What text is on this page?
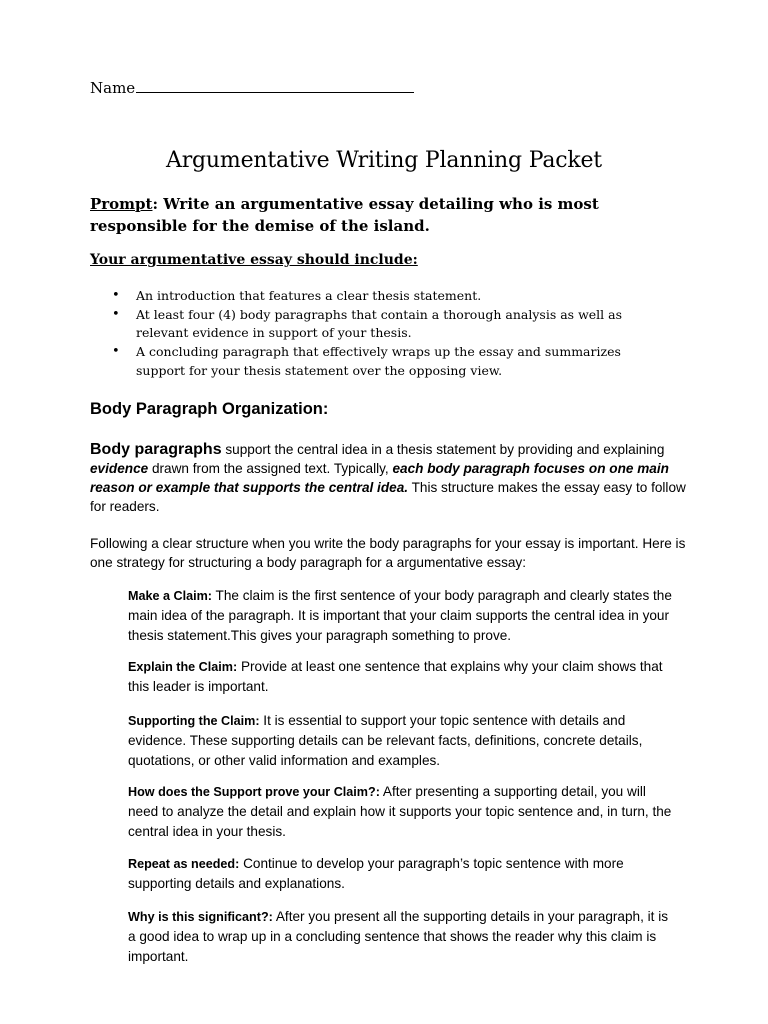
Name
Argumentative Writing Planning Packet
Prompt: Write an argumentative essay detailing who is most responsible for the demise of the island.
Your argumentative essay should include:
• An introduction that features a clear thesis statement.
• At least four (4) body paragraphs that contain a thorough analysis as well as relevant evidence in support of your thesis.
• A concluding paragraph that effectively wraps up the essay and summarizes support for your thesis statement over the opposing view.
Body Paragraph Organization:
Body paragraphs support the central idea in a thesis statement by providing and explaining evidence drawn from the assigned text. Typically, each body paragraph focuses on one main reason or example that supports the central idea. This structure makes the essay easy to follow for readers.
Following a clear structure when you write the body paragraphs for your essay is important. Here is one strategy for structuring a body paragraph for a argumentative essay:
Make a Claim: The claim is the first sentence of your body paragraph and clearly states the main idea of the paragraph. It is important that your claim supports the central idea in your thesis statement.This gives your paragraph something to prove.
Explain the Claim: Provide at least one sentence that explains why your claim shows that this leader is important.
Supporting the Claim: It is essential to support your topic sentence with details and evidence. These supporting details can be relevant facts, definitions, concrete details, quotations, or other valid information and examples.
How does the Support prove your Claim?: After presenting a supporting detail, you will need to analyze the detail and explain how it supports your topic sentence and, in turn, the central idea in your thesis.
Repeat as needed: Continue to develop your paragraph’s topic sentence with more supporting details and explanations.
Why is this significant?: After you present all the supporting details in your paragraph, it is a good idea to wrap up in a concluding sentence that shows the reader why this claim is important.
